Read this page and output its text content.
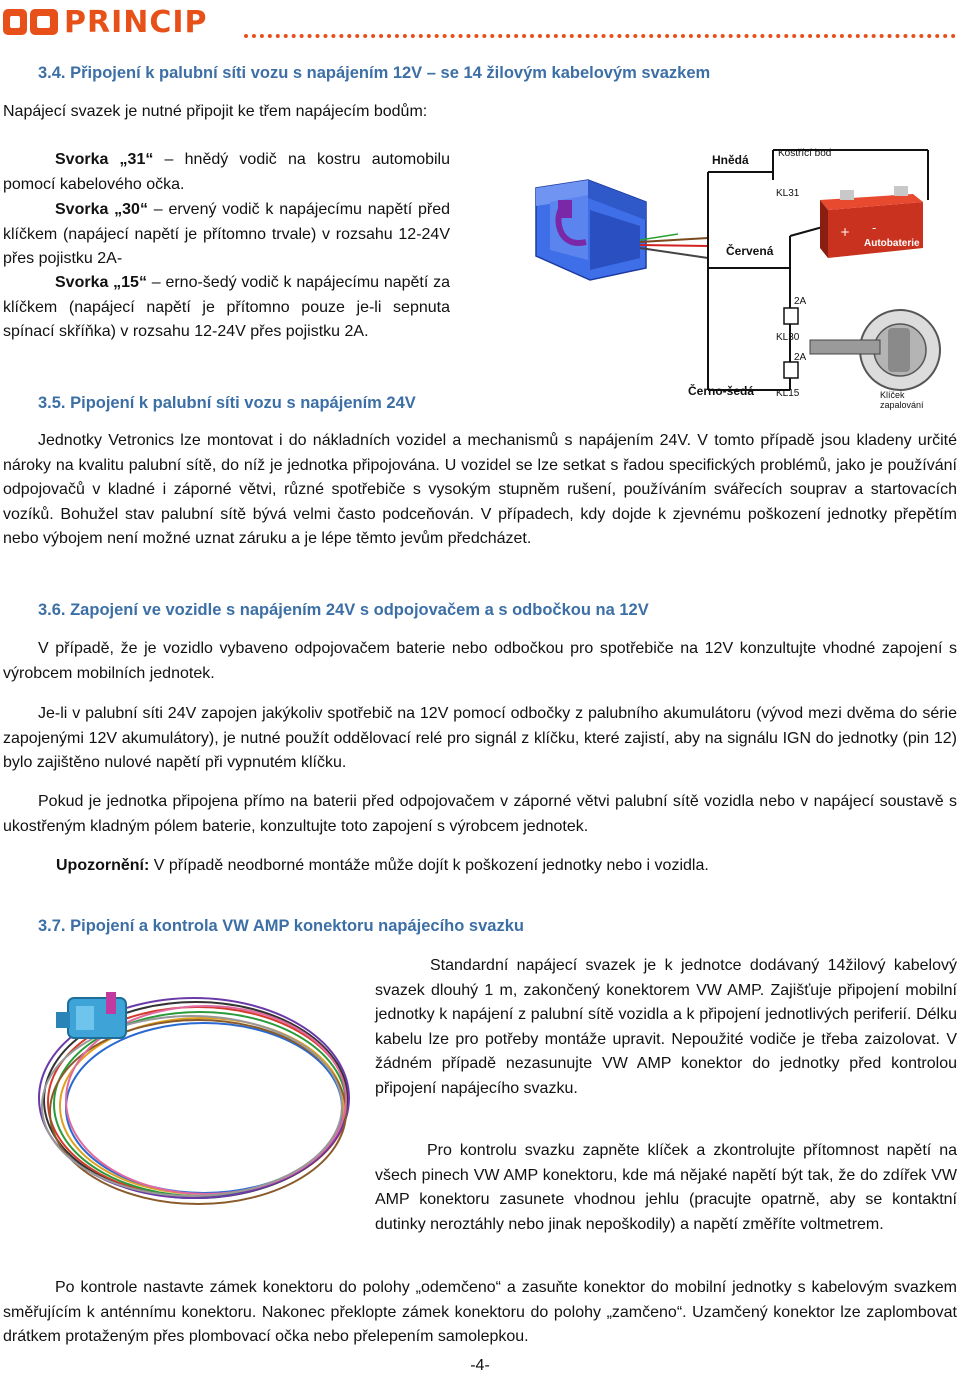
PRINCIP
3.4. Připojení k palubní síti vozu s napájením 12V – se 14 žilovým kabelovým svazkem
Napájecí svazek je nutné připojit ke třem napájecím bodům:
Svorka „31“ – hnědý vodič na kostru automobilu pomocí kabelového očka.
Svorka „30“ – ervený vodič k napájecímu napětí před klíčkem (napájecí napětí je přítomno trvale) v rozsahu 12-24V přes pojistku 2A-
Svorka „15“ – erno-šedý vodič k napájecímu napětí za klíčkem (napájecí napětí je přítomno pouze je-li sepnuta spínací skříňka) v rozsahu 12-24V přes pojistku 2A.
+ -
Hnědá	Kostřící bod
KL31
Červená
Autobaterie
2A
KL30
2A
Černo-šedá KL15	Klíček
zapalování
3.5. Pipojení k palubní síti vozu s napájením 24V
Jednotky Vetronics lze montovat i do nákladních vozidel a mechanismů s napájením 24V. V tomto případě jsou kladeny určité nároky na kvalitu palubní sítě, do níž je jednotka připojována. U vozidel se lze setkat s řadou specifických problémů, jako je používání odpojovačů v kladné i záporné větvi, různé spotřebiče s vysokým stupněm rušení, používáním svářecích souprav a startovacích vozíků. Bohužel stav palubní sítě bývá velmi často podceňován. V případech, kdy dojde k zjevnému poškození jednotky přepětím nebo výbojem není možné uznat záruku a je lépe těmto jevům předcházet.
3.6. Zapojení ve vozidle s napájením 24V s odpojovačem a s odbočkou na 12V
V případě, že je vozidlo vybaveno odpojovačem baterie nebo odbočkou pro spotřebiče na 12V konzultujte vhodné zapojení s výrobcem mobilních jednotek.
Je-li v palubní síti 24V zapojen jakýkoliv spotřebič na 12V pomocí odbočky z palubního akumulátoru (vývod mezi dvěma do série zapojenými 12V akumulátory), je nutné použít oddělovací relé pro signál z klíčku, které zajistí, aby na signálu IGN do jednotky (pin 12) bylo zajištěno nulové napětí při vypnutém klíčku.
Pokud je jednotka připojena přímo na baterii před odpojovačem v záporné větvi palubní sítě vozidla nebo v napájecí soustavě s ukostřeným kladným pólem baterie, konzultujte toto zapojení s výrobcem jednotek.
Upozornění: V případě neodborné montáže může dojít k poškození jednotky nebo i vozidla.
3.7. Pipojení a kontrola VW AMP konektoru napájecího svazku
Standardní napájecí svazek je k jednotce dodávaný 14žilový kabelový svazek dlouhý 1 m, zakončený konektorem VW AMP. Zajišťuje připojení mobilní jednotky k napájení z palubní sítě vozidla a k připojení jednotlivých periferií. Délku kabelu lze pro potřeby montáže upravit. Nepoužité vodiče je třeba zaizolovat. V žádném případě nezasunujte VW AMP konektor do jednotky před kontrolou připojení napájecího svazku.
Pro kontrolu svazku zapněte klíček a zkontrolujte přítomnost napětí na všech pinech VW AMP konektoru, kde má nějaké napětí být tak, že do zdířek VW AMP konektoru zasunete vhodnou jehlu (pracujte opatrně, aby se kontaktní dutinky neroztáhly nebo jinak nepoškodily) a napětí změříte voltmetrem.
Po kontrole nastavte zámek konektoru do polohy „odemčeno“ a zasuňte konektor do mobilní jednotky s kabelovým svazkem směřujícím k anténnímu konektoru. Nakonec překlopte zámek konektoru do polohy „zamčeno“. Uzamčený konektor lze zaplombovat drátkem protaženým přes plombovací očka nebo přelepením samolepkou.
-4-
